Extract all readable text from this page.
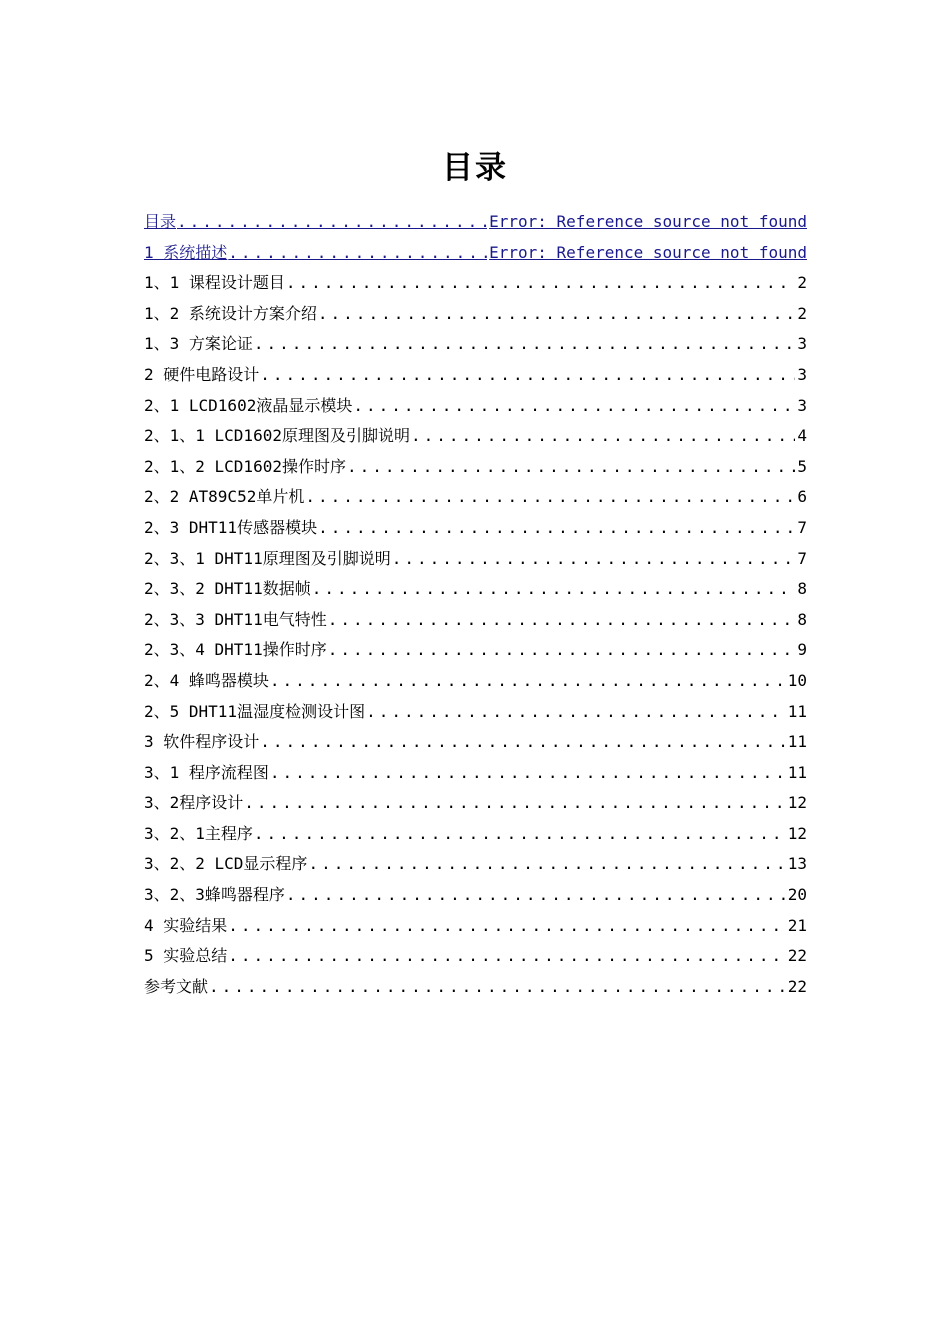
目录
目录 .....	Error: Reference source not found
1 系统描述 .....	Error: Reference source not found
1、1 课程设计题目 .....	2
1、2 系统设计方案介绍 .....	2
1、3 方案论证 .....	3
2 硬件电路设计 .....	3
2、1 LCD1602液晶显示模块 .....	3
2、1、1 LCD1602原理图及引脚说明 .....	4
2、1、2 LCD1602操作时序 .....	5
2、2 AT89C52单片机 .....	6
2、3 DHT11传感器模块 .....	7
2、3、1 DHT11原理图及引脚说明 .....	7
2、3、2 DHT11数据帧 .....	8
2、3、3 DHT11电气特性 .....	8
2、3、4 DHT11操作时序 .....	9
2、4 蜂鸣器模块 .....	10
2、5 DHT11温湿度检测设计图 .....	11
3 软件程序设计 .....	11
3、1 程序流程图 .....	11
3、2程序设计 .....	12
3、2、1主程序 .....	12
3、2、2 LCD显示程序 .....	13
3、2、3蜂鸣器程序 .....	20
4 实验结果 .....	21
5 实验总结 .....	22
参考文献 .....	22
